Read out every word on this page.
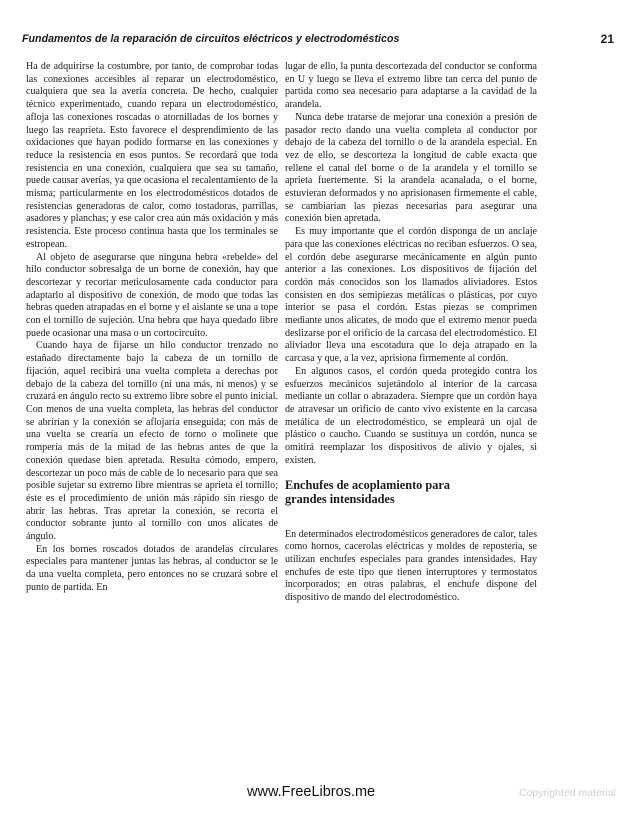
Fundamentos de la reparación de circuitos eléctricos y electrodomésticos	21

Ha de adquirirse la costumbre, por tanto, de comprobar todas las conexiones accesibles al reparar un electrodoméstico, cualquiera que sea la avería concreta. De hecho, cualquier técnico experimentado, cuando repara un electrodoméstico, afloja las conexiones roscadas o atornilladas de los bornes y luego las reaprieta. Esto favorece el desprendimiento de las oxidaciones que hayan podido formarse en las conexiones y reduce la resistencia en esos puntos. Se recordará que toda resistencia en una conexión, cualquiera que sea su tamaño, puede causar averías, ya que ocasiona el recalentamiento de la misma; particularmente en los electrodomésticos dotados de resistencias generadoras de calor, como tostadoras, parrillas, asadores y planchas; y ese calor crea aún más oxidación y más resistencia. Este proceso continua hasta que los terminales se estropean.

Al objeto de asegurarse que ninguna hebra «rebelde» del hilo conductor sobresalga de un borne de conexión, hay que descortezar y recortar meticulosamente cada conductor para adaptarlo al dispositivo de conexión, de modo que todas las hebras queden atrapadas en el borne y el aislante se una a tope con el tornillo de sujeción. Una hebra que haya quedado libre puede ocasionar una masa o un cortocircuito.

Cuando haya de fijarse un hilo conductor trenzado no estañado directamente bajo la cabeza de un tornillo de fijación, aquel recibirá una vuelta completa a derechas por debajo de la cabeza del tornillo (ni una más, ni menos) y se cruzará en ángulo recto su extremo libre sobre el punto inicial. Con menos de una vuelta completa, las hebras del conductor se abrirían y la conexión se aflojaría enseguida; con más de una vuelta se crearía un efecto de torno o molinete que rompería más de la mitad de las hebras antes de que la conexión quedase bien apretada. Resulta cómodo, empero, descortezar un poco más de cable de lo necesario para que sea posible sujetar su extremo libre mientras se aprieta el tornillo; éste es el procedimiento de unión más rápido sin riesgo de abrir las hebras. Tras apretar la conexión, se recorta el conductor sobrante junto al tornillo con unos alicates de ángulo.

En los bornes roscados dotados de arandelas circulares especiales para mantener juntas las hebras, al conductor se le da una vuelta completa, pero entonces no se cruzará sobre el punto de partida. En

lugar de ello, la punta descortezada del conductor se conforma en U y luego se lleva el extremo libre tan cerca del punto de partida como sea necesario para adaptarse a la cavidad de la arandela.

Nunca debe tratarse de mejorar una conexión a presión de pasador recto dando una vuelta completa al conductor por debajo de la cabeza del tornillo o de la arandela especial. En vez de ello, se descorteza la longitud de cable exacta que rellene el canal del borne o de la arandela y el tornillo se aprieta fuertemente. Si la arandela acanalada, o el borne, estuvieran deformados y no aprisionasen firmemente el cable, se cambiarían las piezas necesarias para asegurar una conexión bien apretada.

Es muy importante que el cordón disponga de un anclaje para que las conexiones eléctricas no reciban esfuerzos. O sea, el cordón debe asegurarse mecánicamente en algún punto anterior a las conexiones. Los dispositivos de fijación del cordón más conocidos son los llamados aliviadores. Estos consisten en dos semipiezas metálicas o plásticas, por cuyo interior se pasa el cordón. Estas piezas se comprimen mediante unos alicates, de modo que el extremo menor pueda deslizarse por el orificio de la carcasa del electrodoméstico. El aliviador lleva una escotadura que lo deja atrapado en la carcasa y que, a la vez, aprisiona firmemente al cordón.

En algunos casos, el cordón queda protegido contra los esfuerzos mecánicos sujetándolo al interior de la carcasa mediante un collar o abrazadera. Siempre que un cordón haya de atravesar un orificio de canto vivo existente en la carcasa metálica de un electrodoméstico, se empleará un ojal de plástico o caucho. Cuando se sustituya un cordón, nunca se omitirá reemplazar los dispositivos de alivio y ojales, si existen.

Enchufes de acoplamiento para
grandes intensidades

En determinados electrodomésticos generadores de calor, tales como hornos, cacerolas eléctricas y moldes de repostería, se utilizan enchufes especiales para grandes intensidades. Hay enchufes de este tipo que tienen interruptores y termostatos incorporados; en otras palabras, el enchufe dispone del dispositivo de mando del electrodoméstico.

www.FreeLibros.me	Copyrighted material
